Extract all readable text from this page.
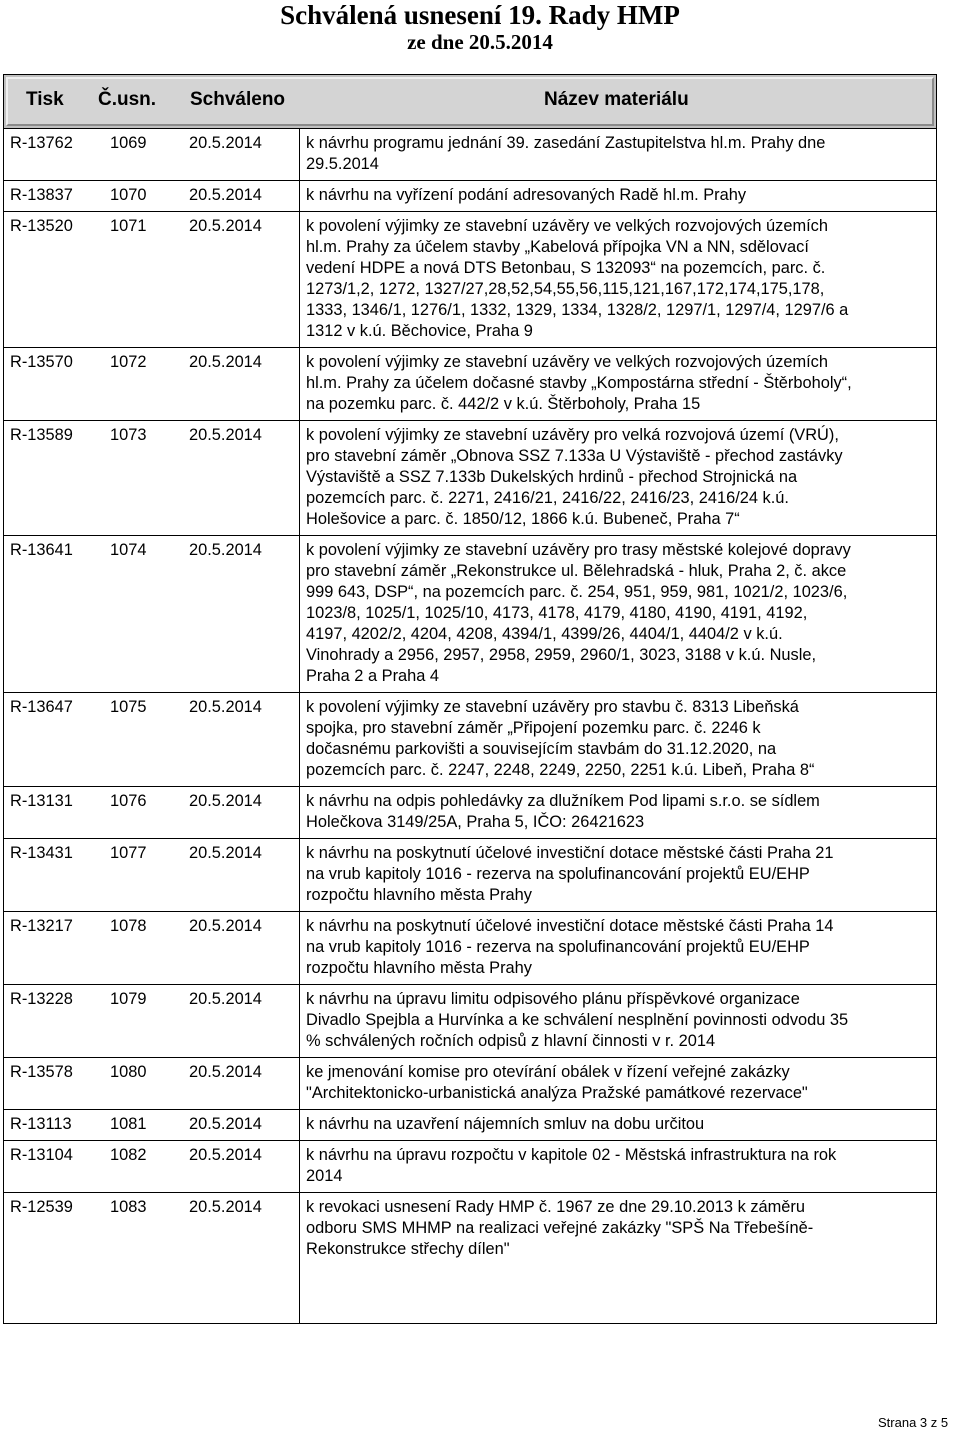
Schválená usnesení 19. Rady HMP
ze dne 20.5.2014
Tisk Č.usn. Schváleno	Název materiálu
R-13762 1069	20.5.2014	k návrhu programu jednání 39. zasedání Zastupitelstva hl.m. Prahy dne
29.5.2014
R-13837 1070	20.5.2014	k návrhu na vyřízení podání adresovaných Radě hl.m. Prahy
R-13520 1071	20.5.2014	k povolení výjimky ze stavební uzávěry ve velkých rozvojových územích
hl.m. Prahy za účelem stavby „Kabelová přípojka VN a NN, sdělovací
vedení HDPE a nová DTS Betonbau, S 132093“ na pozemcích, parc. č.
1273/1,2, 1272, 1327/27,28,52,54,55,56,115,121,167,172,174,175,178,
1333, 1346/1, 1276/1, 1332, 1329, 1334, 1328/2, 1297/1, 1297/4, 1297/6 a
1312 v k.ú. Běchovice, Praha 9
R-13570 1072	20.5.2014	k povolení výjimky ze stavební uzávěry ve velkých rozvojových územích
hl.m. Prahy za účelem dočasné stavby „Kompostárna střední - Štěrboholy“,
na pozemku parc. č. 442/2 v k.ú. Štěrboholy, Praha 15
R-13589 1073	20.5.2014	k povolení výjimky ze stavební uzávěry pro velká rozvojová území (VRÚ),
pro stavební záměr „Obnova SSZ 7.133a U Výstaviště - přechod zastávky
Výstaviště a SSZ 7.133b Dukelských hrdinů - přechod Strojnická na
pozemcích parc. č. 2271, 2416/21, 2416/22, 2416/23, 2416/24 k.ú.
Holešovice a parc. č. 1850/12, 1866 k.ú. Bubeneč, Praha 7“
R-13641 1074	20.5.2014	k povolení výjimky ze stavební uzávěry pro trasy městské kolejové dopravy
pro stavební záměr „Rekonstrukce ul. Bělehradská - hluk, Praha 2, č. akce
999 643, DSP“, na pozemcích parc. č. 254, 951, 959, 981, 1021/2, 1023/6,
1023/8, 1025/1, 1025/10, 4173, 4178, 4179, 4180, 4190, 4191, 4192,
4197, 4202/2, 4204, 4208, 4394/1, 4399/26, 4404/1, 4404/2 v k.ú.
Vinohrady a 2956, 2957, 2958, 2959, 2960/1, 3023, 3188 v k.ú. Nusle,
Praha 2 a Praha 4
R-13647 1075	20.5.2014	k povolení výjimky ze stavební uzávěry pro stavbu č. 8313 Libeňská
spojka, pro stavební záměr „Připojení pozemku parc. č. 2246 k
dočasnému parkovišti a souvisejícím stavbám do 31.12.2020, na
pozemcích parc. č. 2247, 2248, 2249, 2250, 2251 k.ú. Libeň, Praha 8“
R-13131 1076	20.5.2014	k návrhu na odpis pohledávky za dlužníkem Pod lipami s.r.o. se sídlem
Holečkova 3149/25A, Praha 5, IČO: 26421623
R-13431 1077	20.5.2014	k návrhu na poskytnutí účelové investiční dotace městské části Praha 21
na vrub kapitoly 1016 - rezerva na spolufinancování projektů EU/EHP
rozpočtu hlavního města Prahy
R-13217 1078	20.5.2014	k návrhu na poskytnutí účelové investiční dotace městské části Praha 14
na vrub kapitoly 1016 - rezerva na spolufinancování projektů EU/EHP
rozpočtu hlavního města Prahy
R-13228 1079	20.5.2014	k návrhu na úpravu limitu odpisového plánu příspěvkové organizace
Divadlo Spejbla a Hurvínka a ke schválení nesplnění povinnosti odvodu 35
% schválených ročních odpisů z hlavní činnosti v r. 2014
R-13578 1080	20.5.2014	ke jmenování komise pro otevírání obálek v řízení veřejné zakázky
"Architektonicko-urbanistická analýza Pražské památkové rezervace"
R-13113 1081	20.5.2014	k návrhu na uzavření nájemních smluv na dobu určitou
R-13104 1082	20.5.2014	k návrhu na úpravu rozpočtu v kapitole 02 - Městská infrastruktura na rok
2014
R-12539 1083	20.5.2014	k revokaci usnesení Rady HMP č. 1967 ze dne 29.10.2013 k záměru
odboru SMS MHMP na realizaci veřejné zakázky "SPŠ Na Třebešíně-
Rekonstrukce střechy dílen"
Strana 3 z 5
